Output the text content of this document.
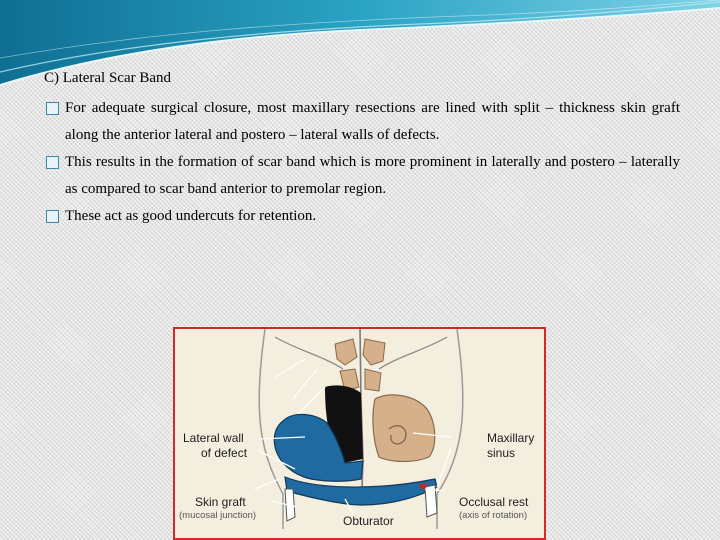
C) Lateral Scar Band

For adequate surgical closure, most maxillary resections are lined with split – thickness skin graft along the anterior lateral and postero – lateral walls of defects.

This results in the formation of scar band which is more prominent in laterally and postero – laterally as compared to scar band anterior to premolar region.

These act as good undercuts for retention.

Lateral wall
of defect
Maxillary
sinus
Skin graft
(mucosal junction)	Obturator
Occlusal rest
(axis of rotation)
